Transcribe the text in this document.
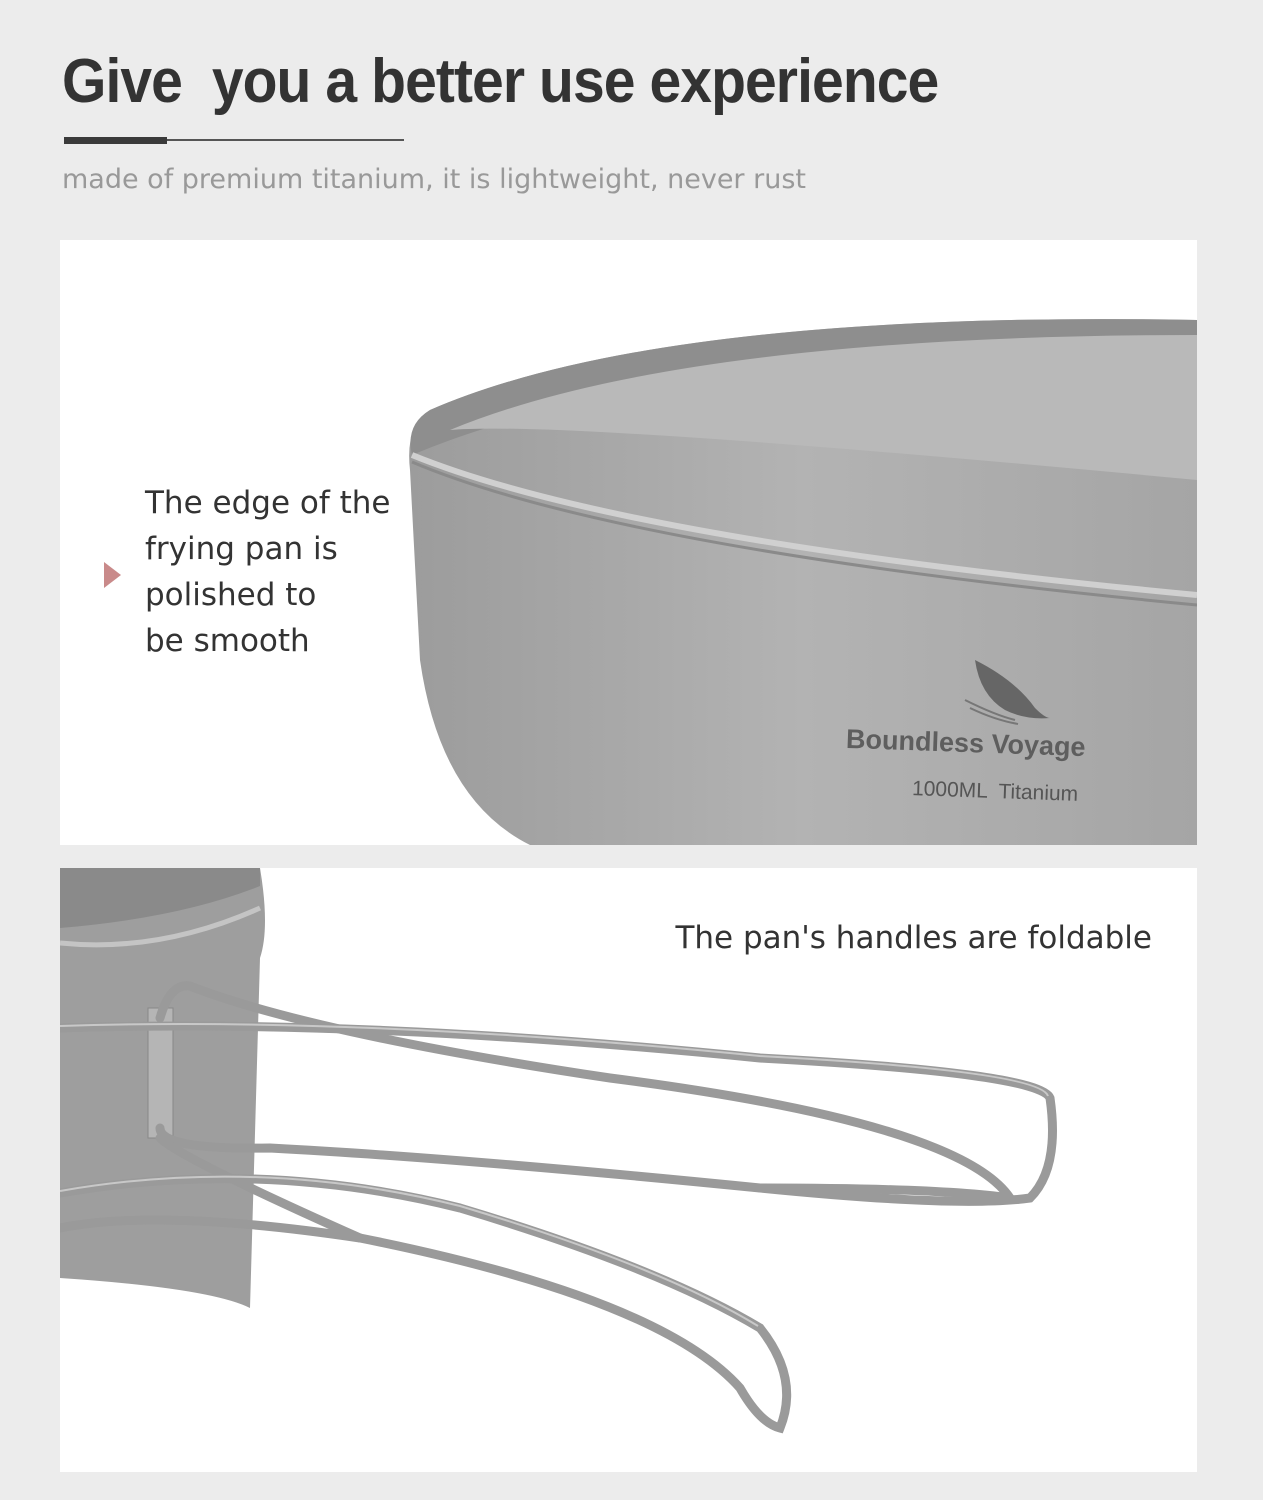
Give  you a better use experience
made of premium titanium, it is lightweight, never rust

The edge of the
frying pan is
polished to
be smooth

Boundless Voyage
1000ML  Titanium
The pan's handles are foldable
